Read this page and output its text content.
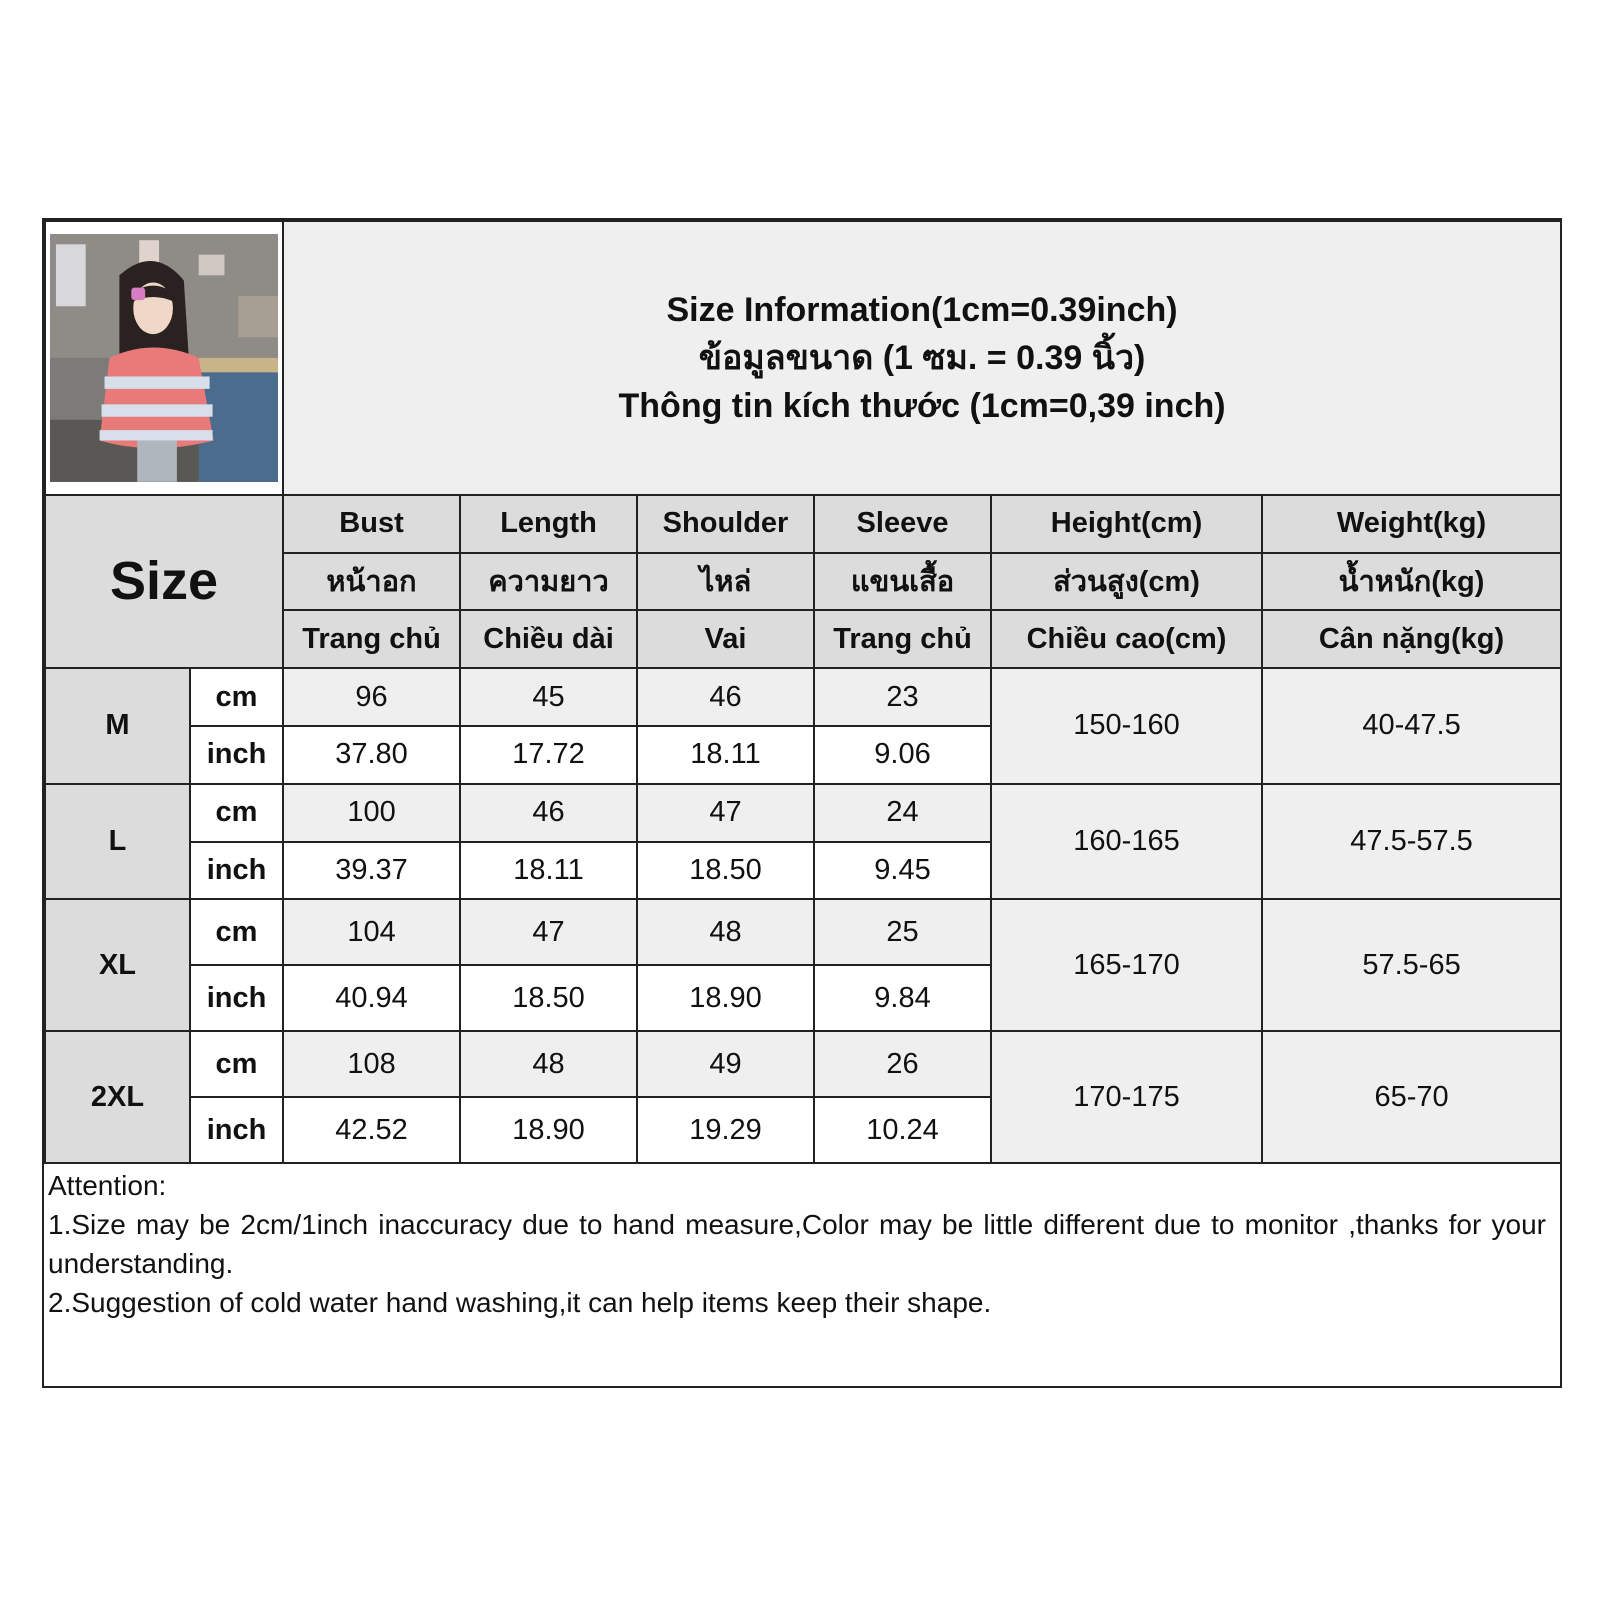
Size Information(1cm=0.39inch)
ข้อมูลขนาด (1 ซม. = 0.39 นิ้ว)
Thông tin kích thước (1cm=0,39 inch)					

Size		Bust	Length	Shoulder	Sleeve	Height(cm)	Weight(kg)
		หน้าอก	ความยาว	ไหล่	แขนเสื้อ	ส่วนสูง(cm)	น้ำหนัก(kg)
		Trang chủ	Chiều dài	Vai	Trang chủ	Chiều cao(cm)	Cân nặng(kg)
M	cm	96	45	46	23	150-160	40-47.5
	inch	37.80	17.72	18.11	9.06		
L	cm	100	46	47	24	160-165	47.5-57.5
	inch	39.37	18.11	18.50	9.45		
XL	cm	104	47	48	25	165-170	57.5-65
	inch	40.94	18.50	18.90	9.84		
2XL	cm	108	48	49	26	170-175	65-70
	inch	42.52	18.90	19.29	10.24		
Attention:
1.Size may be 2cm/1inch inaccuracy due to hand measure,Color may be little different due to monitor ,thanks for your understanding.
2.Suggestion of cold water hand washing,it can help items keep their shape.
